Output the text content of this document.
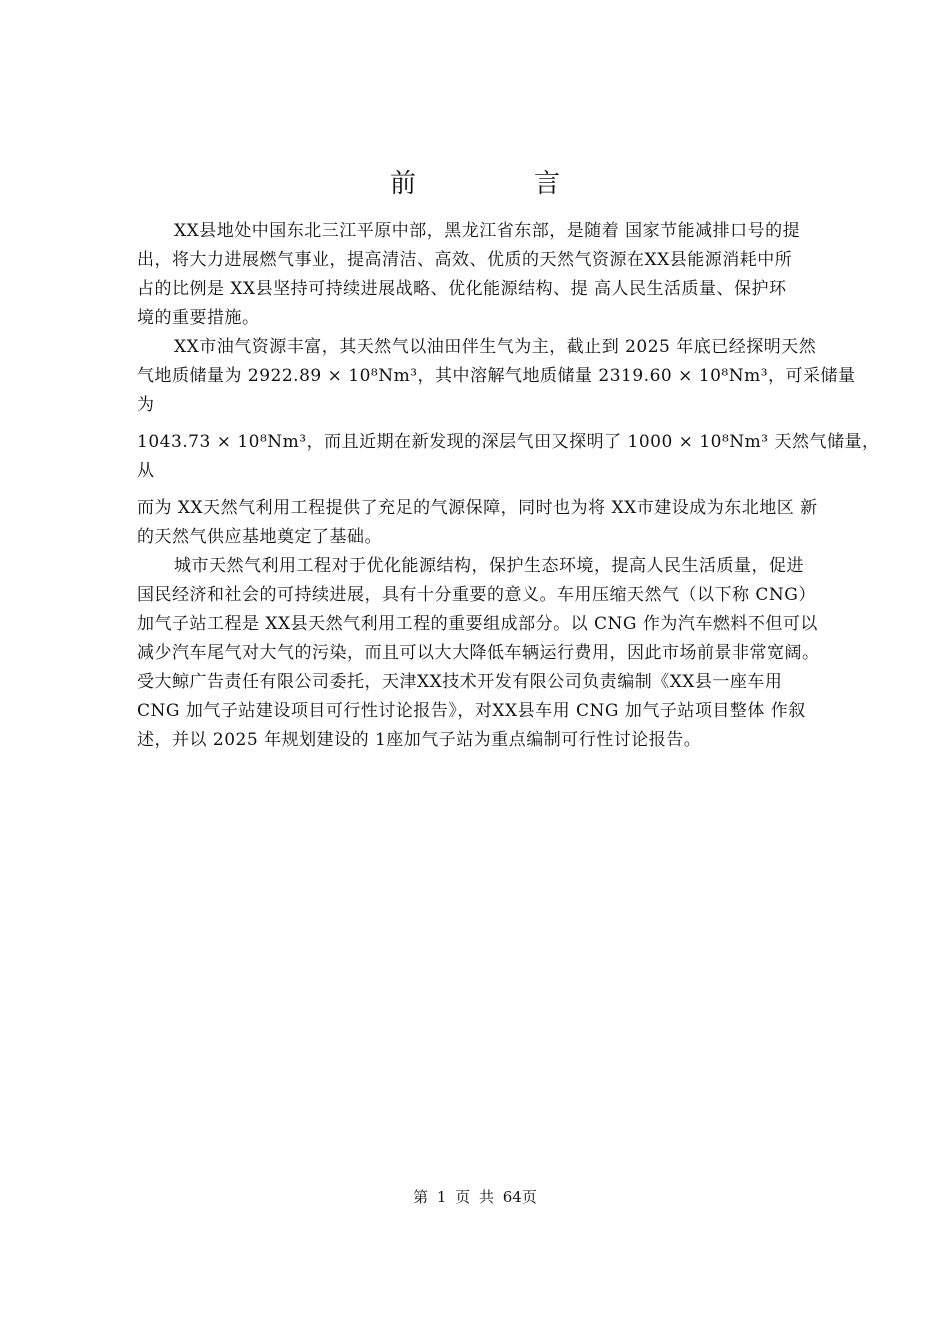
前　言
XX县地处中国东北三江平原中部，黑龙江省东部，是随着 国家节能减排口号的提
出，将大力进展燃气事业，提高清洁、高效、优质的天然气资源在XX县能源消耗中所
占的比例是 XX县坚持可持续进展战略、优化能源结构、提 高人民生活质量、保护环
境的重要措施。
XX市油气资源丰富，其天然气以油田伴生气为主，截止到 2025 年底已经探明天然
气地质储量为 2922.89 × 10⁸Nm³，其中溶解气地质储量 2319.60 × 10⁸Nm³，可采储量
为
1043.73 × 10⁸Nm³，而且近期在新发现的深层气田又探明了 1000 × 10⁸Nm³ 天然气储量，
从
而为 XX天然气利用工程提供了充足的气源保障，同时也为将 XX市建设成为东北地区 新
的天然气供应基地奠定了基础。
城市天然气利用工程对于优化能源结构，保护生态环境，提高人民生活质量，促进
国民经济和社会的可持续进展，具有十分重要的意义。车用压缩天然气（以下称 CNG）
加气子站工程是 XX县天然气利用工程的重要组成部分。以 CNG 作为汽车燃料不但可以
减少汽车尾气对大气的污染，而且可以大大降低车辆运行费用，因此市场前景非常宽阔。
受大鲸广告责任有限公司委托，天津XX技术开发有限公司负责编制《XX县一座车用
CNG 加气子站建设项目可行性讨论报告》，对XX县车用 CNG 加气子站项目整体 作叙
述，并以 2025 年规划建设的 1座加气子站为重点编制可行性讨论报告。
第 1 页 共 64页
